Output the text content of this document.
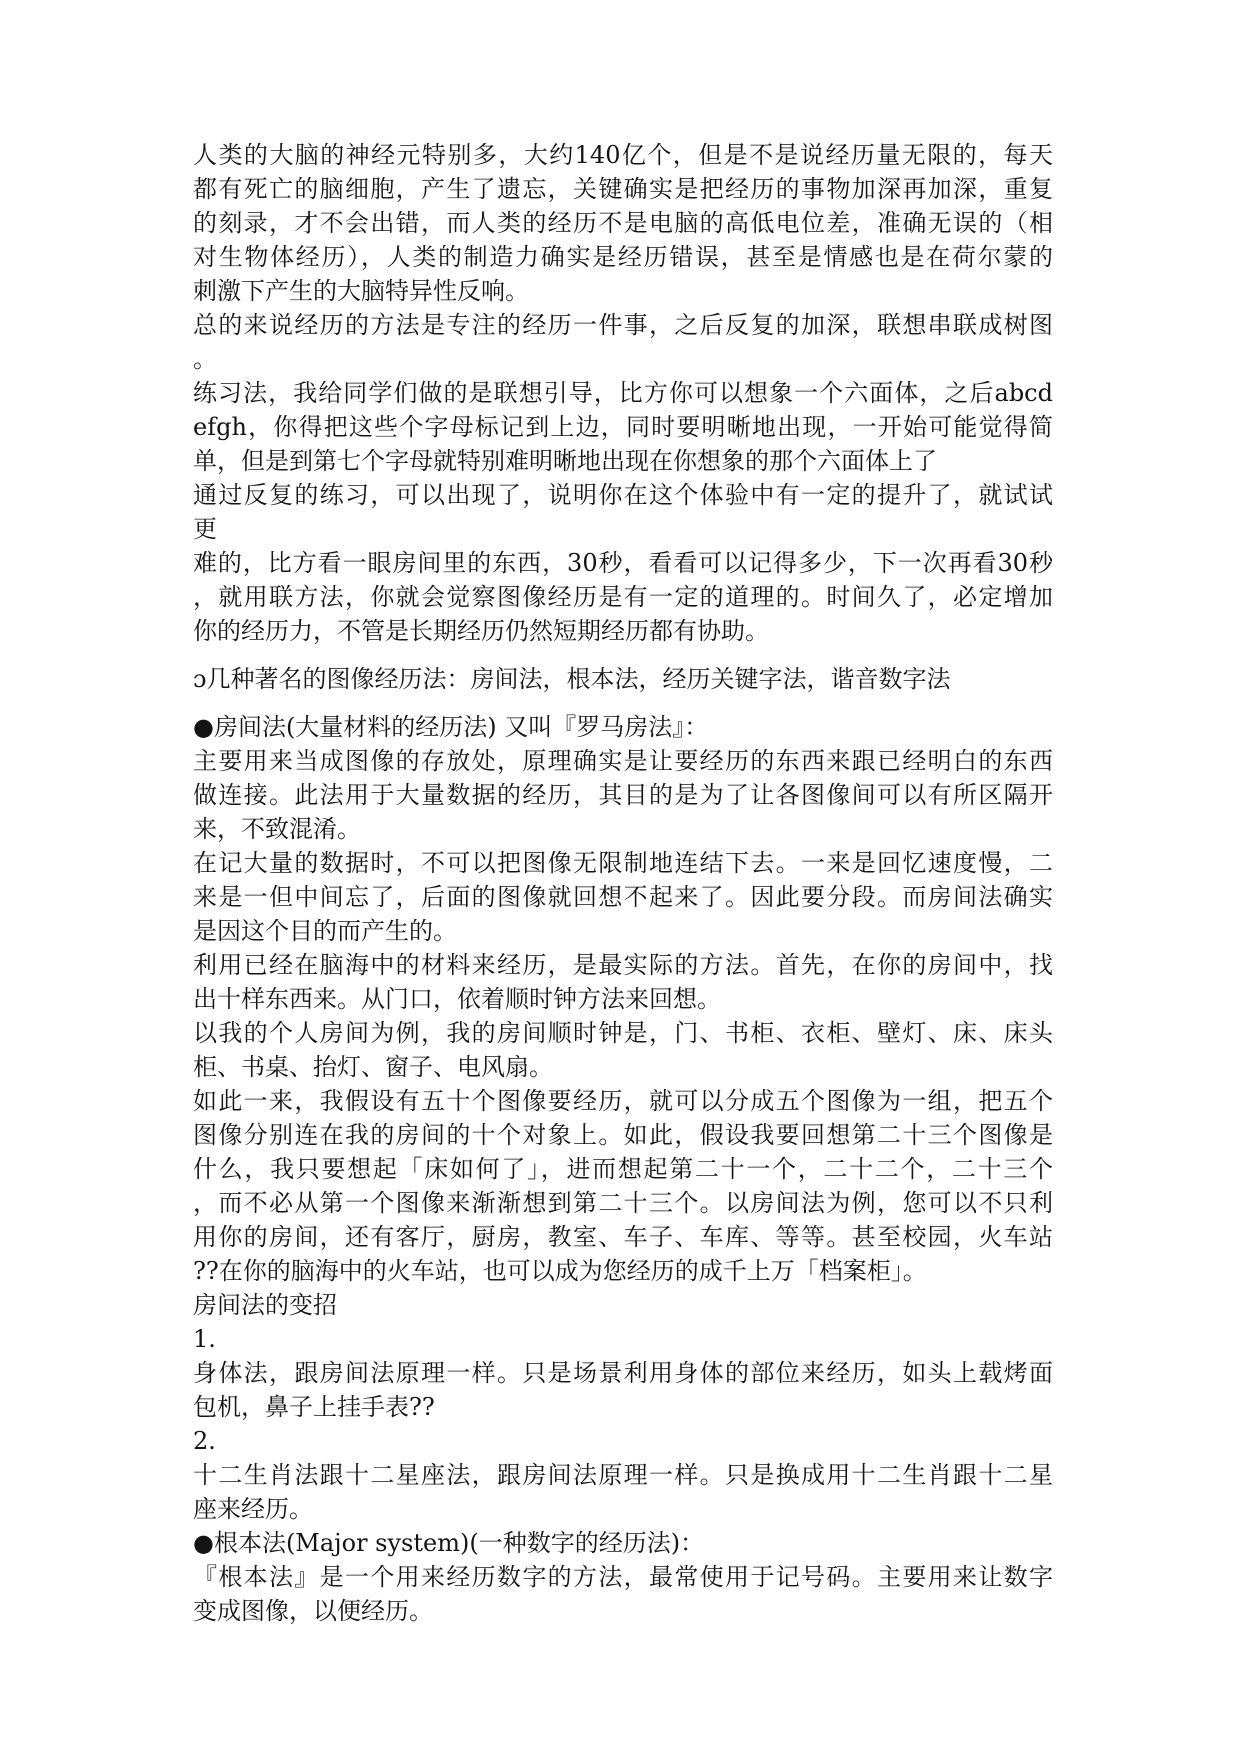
人类的大脑的神经元特别多，大约140亿个，但是不是说经历量无限的，每天
都有死亡的脑细胞，产生了遗忘，关键确实是把经历的事物加深再加深，重复
的刻录，才不会出错，而人类的经历不是电脑的高低电位差，准确无误的（相
对生物体经历），人类的制造力确实是经历错误，甚至是情感也是在荷尔蒙的
刺激下产生的大脑特异性反响。
总的来说经历的方法是专注的经历一件事，之后反复的加深，联想串联成树图
。
练习法，我给同学们做的是联想引导，比方你可以想象一个六面体，之后abcd
efgh，你得把这些个字母标记到上边，同时要明晰地出现，一开始可能觉得简
单，但是到第七个字母就特别难明晰地出现在你想象的那个六面体上了
通过反复的练习，可以出现了，说明你在这个体验中有一定的提升了，就试试
更
难的，比方看一眼房间里的东西，30秒，看看可以记得多少，下一次再看30秒
，就用联方法，你就会觉察图像经历是有一定的道理的。时间久了，必定增加
你的经历力，不管是长期经历仍然短期经历都有协助。
ɔ几种著名的图像经历法：房间法，根本法，经历关键字法，谐音数字法
●房间法(大量材料的经历法) 又叫『罗马房法』：
主要用来当成图像的存放处，原理确实是让要经历的东西来跟已经明白的东西
做连接。此法用于大量数据的经历，其目的是为了让各图像间可以有所区隔开
来，不致混淆。
在记大量的数据时，不可以把图像无限制地连结下去。一来是回忆速度慢，二
来是一但中间忘了，后面的图像就回想不起来了。因此要分段。而房间法确实
是因这个目的而产生的。
利用已经在脑海中的材料来经历，是最实际的方法。首先，在你的房间中，找
出十样东西来。从门口，依着顺时钟方法来回想。
以我的个人房间为例，我的房间顺时钟是，门、书柜、衣柜、壁灯、床、床头
柜、书桌、抬灯、窗子、电风扇。
如此一来，我假设有五十个图像要经历，就可以分成五个图像为一组，把五个
图像分别连在我的房间的十个对象上。如此，假设我要回想第二十三个图像是
什么，我只要想起「床如何了」，进而想起第二十一个，二十二个，二十三个
，而不必从第一个图像来渐渐想到第二十三个。以房间法为例，您可以不只利
用你的房间，还有客厅，厨房，教室、车子、车库、等等。甚至校园，火车站
??在你的脑海中的火车站，也可以成为您经历的成千上万「档案柜」。
房间法的变招
1.
身体法，跟房间法原理一样。只是场景利用身体的部位来经历，如头上载烤面
包机，鼻子上挂手表??
2.
十二生肖法跟十二星座法，跟房间法原理一样。只是换成用十二生肖跟十二星
座来经历。
●根本法(Major system)(一种数字的经历法)：
『根本法』是一个用来经历数字的方法，最常使用于记号码。主要用来让数字
变成图像，以便经历。
